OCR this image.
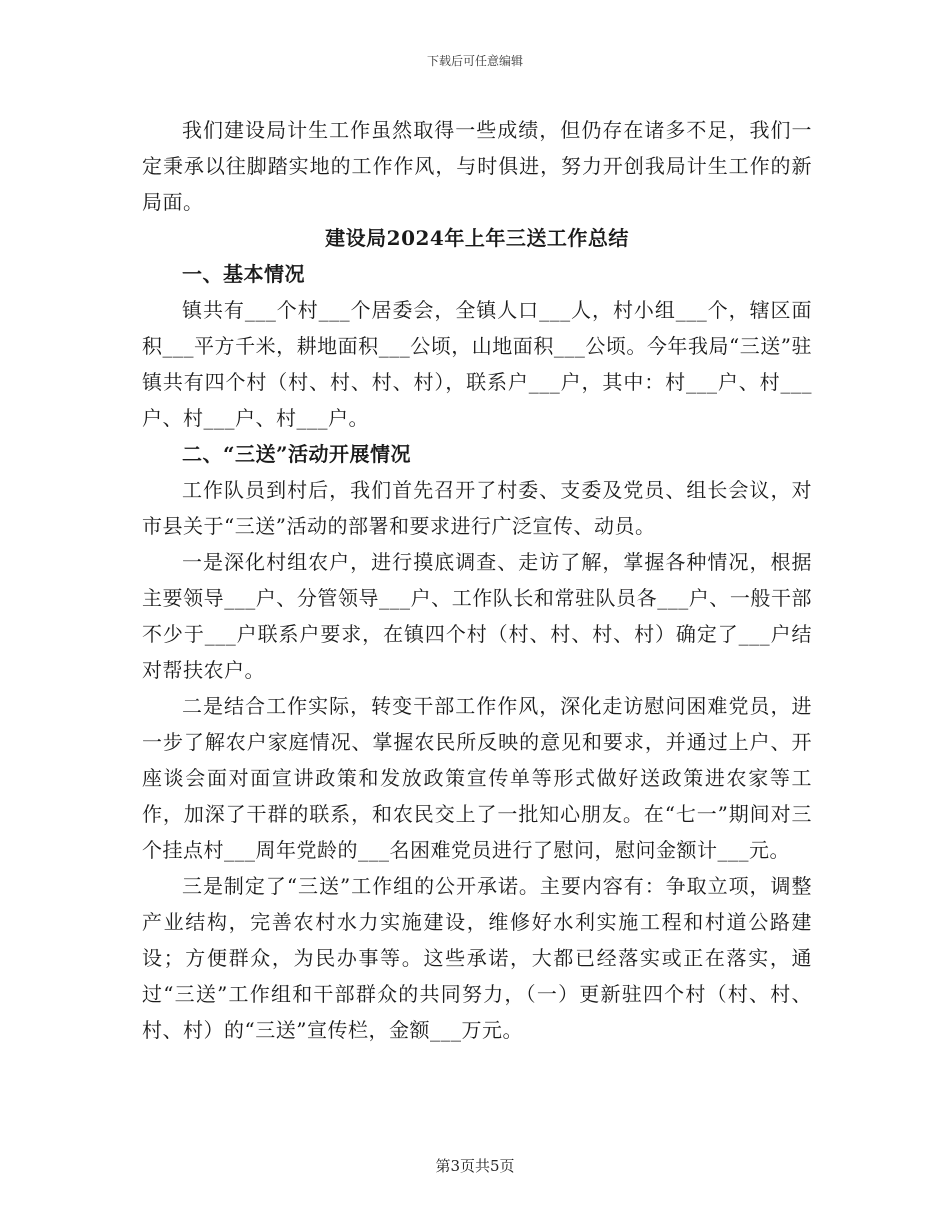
下载后可任意编辑

我们建设局计生工作虽然取得一些成绩，但仍存在诸多不足，我们一定秉承以往脚踏实地的工作作风，与时俱进，努力开创我局计生工作的新局面。

建设局2024年上年三送工作总结

一、基本情况

镇共有___个村___个居委会，全镇人口___人，村小组___个，辖区面积___平方千米，耕地面积___公顷，山地面积___公顷。今年我局“三送”驻镇共有四个村（村、村、村、村），联系户___户，其中：村___户、村___户、村___户、村___户。

二、“三送”活动开展情况

工作队员到村后，我们首先召开了村委、支委及党员、组长会议，对市县关于“三送”活动的部署和要求进行广泛宣传、动员。

一是深化村组农户，进行摸底调查、走访了解，掌握各种情况，根据主要领导___户、分管领导___户、工作队长和常驻队员各___户、一般干部不少于___户联系户要求，在镇四个村（村、村、村、村）确定了___户结对帮扶农户。

二是结合工作实际，转变干部工作作风，深化走访慰问困难党员，进一步了解农户家庭情况、掌握农民所反映的意见和要求，并通过上户、开座谈会面对面宣讲政策和发放政策宣传单等形式做好送政策进农家等工作，加深了干群的联系，和农民交上了一批知心朋友。在“七一”期间对三个挂点村___周年党龄的___名困难党员进行了慰问，慰问金额计___元。

三是制定了“三送”工作组的公开承诺。主要内容有：争取立项，调整产业结构，完善农村水力实施建设，维修好水利实施工程和村道公路建设；方便群众，为民办事等。这些承诺，大都已经落实或正在落实，通过“三送”工作组和干部群众的共同努力，（一）更新驻四个村（村、村、村、村）的“三送”宣传栏，金额___万元。

第3页共5页
